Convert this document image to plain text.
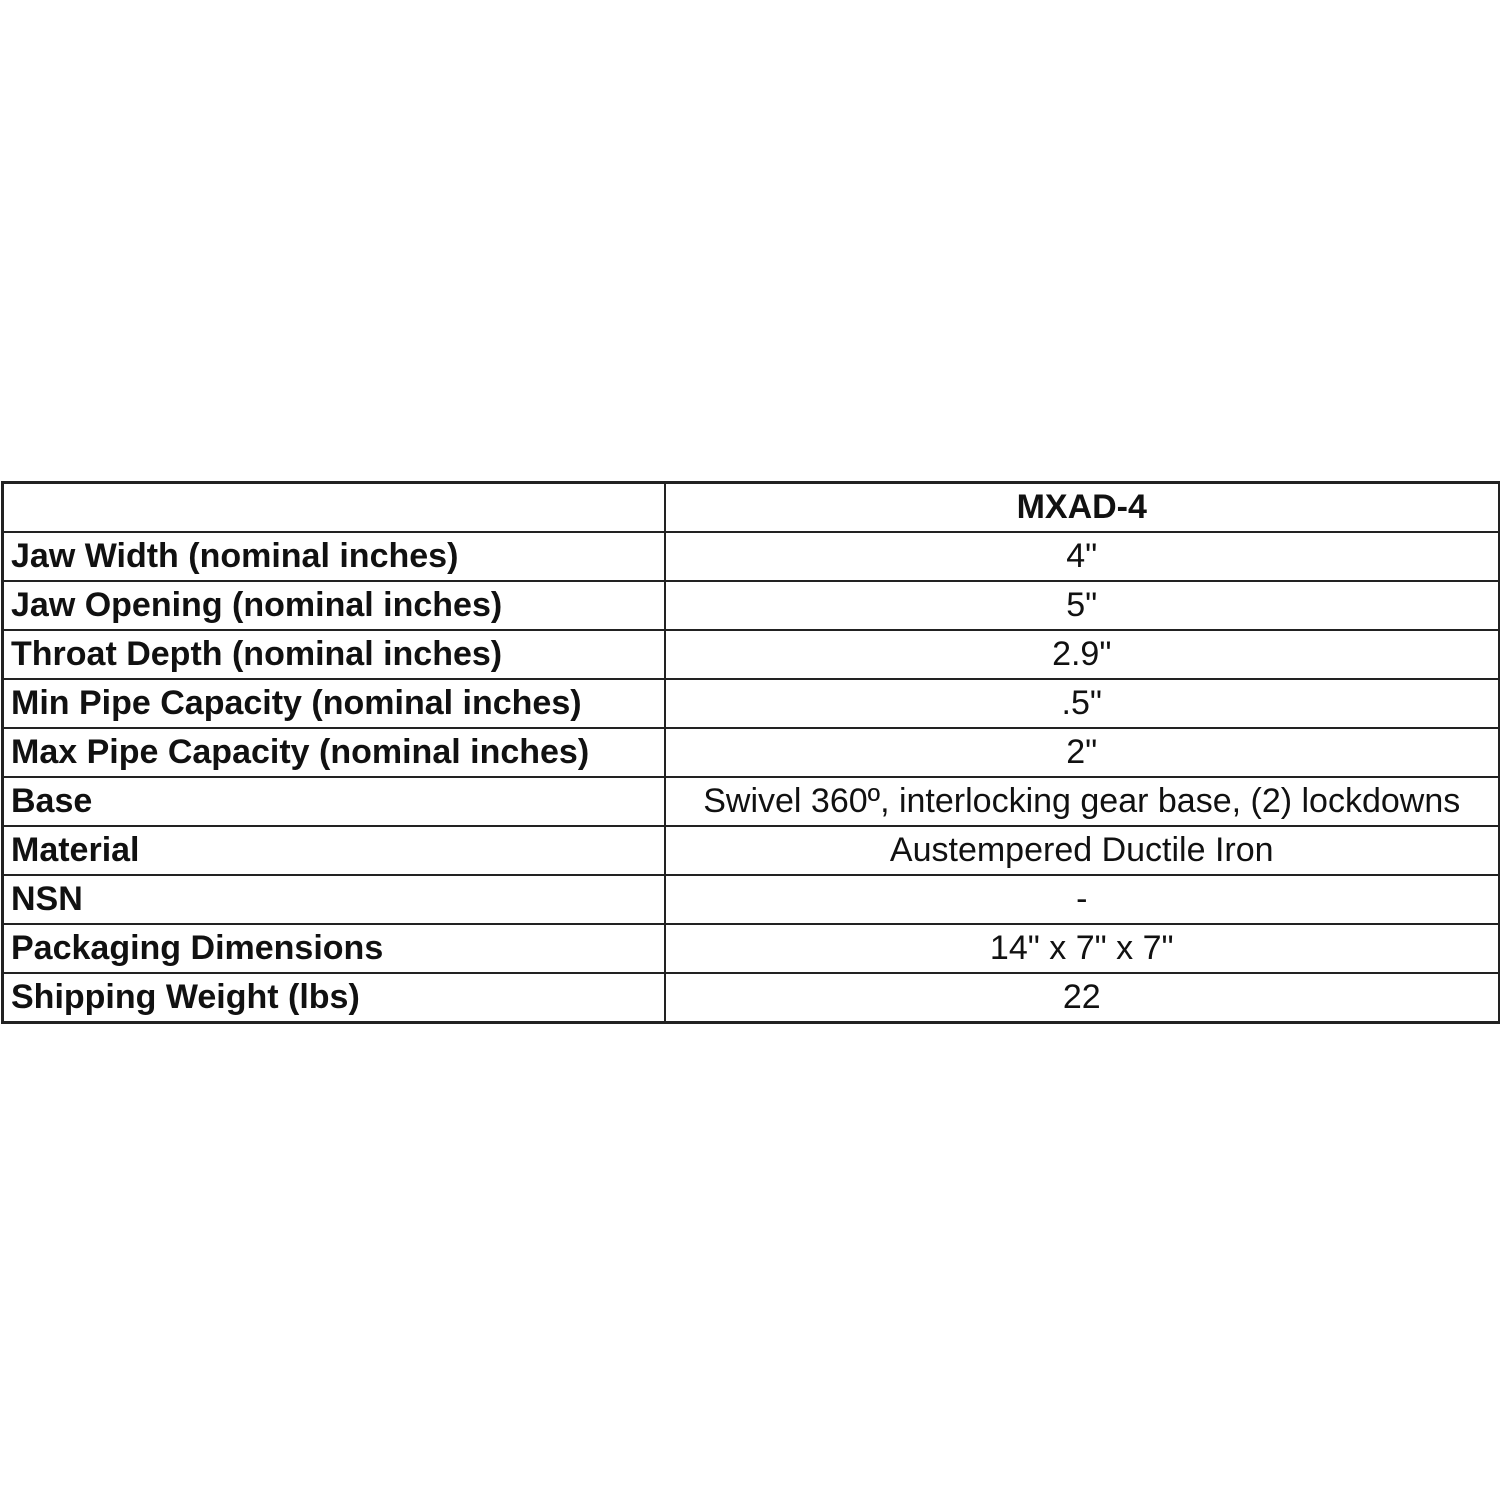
	MXAD-4
Jaw Width (nominal inches)	4"
Jaw Opening (nominal inches)	5"
Throat Depth (nominal inches)	2.9"
Min Pipe Capacity (nominal inches)	.5"
Max Pipe Capacity (nominal inches)	2"
Base	Swivel 360º, interlocking gear base, (2) lockdowns
Material	Austempered Ductile Iron
NSN	-
Packaging Dimensions	14" x 7" x 7"
Shipping Weight (lbs)	22
